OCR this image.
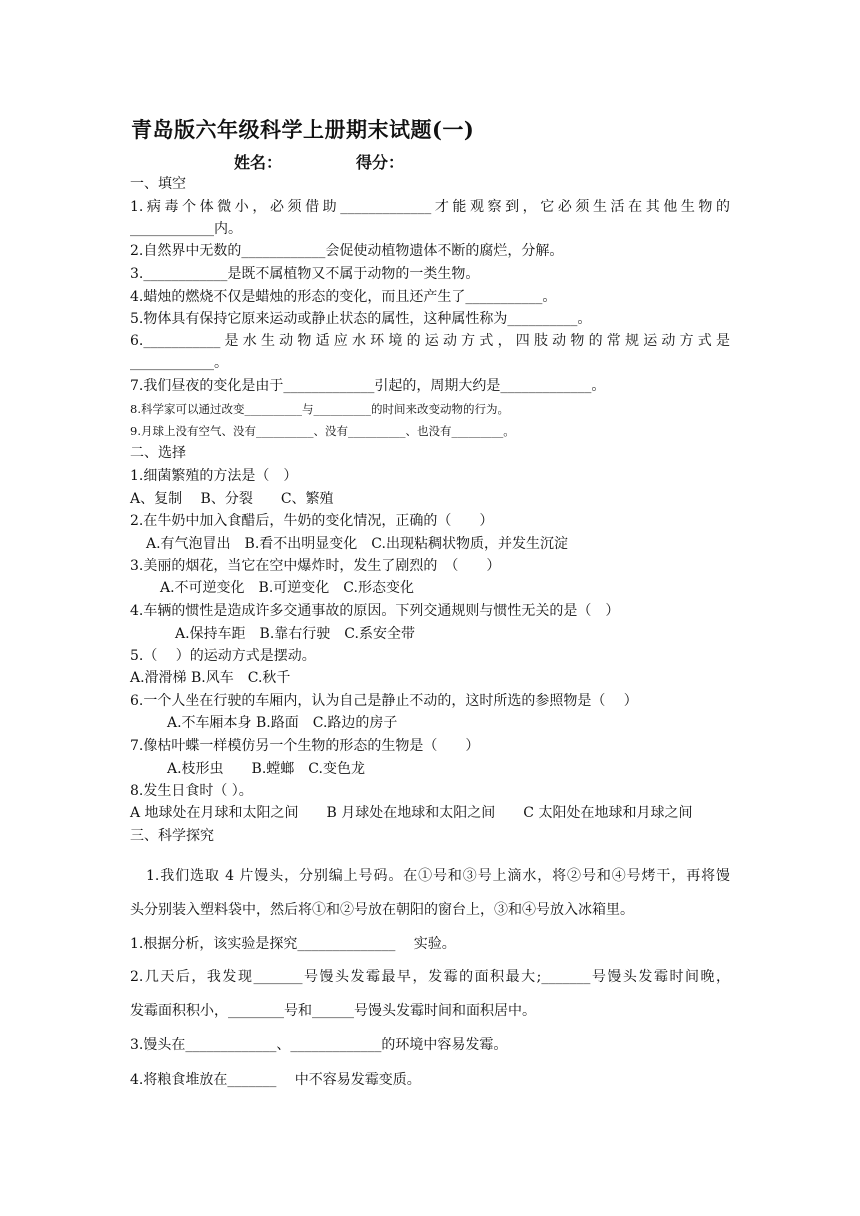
青岛版六年级科学上册期末试题(一)
姓名：	得分：
一、填空
1.病毒个体微小，必须借助_____________才能观察到，它必须生活在其他生物的
____________内。
2.自然界中无数的____________会促使动植物遗体不断的腐烂，分解。
3.____________是既不属植物又不属于动物的一类生物。
4.蜡烛的燃烧不仅是蜡烛的形态的变化，而且还产生了___________。
5.物体具有保持它原来运动或静止状态的属性，这种属性称为__________。
6.___________是水生动物适应水环境的运动方式，四肢动物的常规运动方式是
____________。
7.我们昼夜的变化是由于_____________引起的，周期大约是_____________。
8.科学家可以通过改变__________与__________的时间来改变动物的行为。
9.月球上没有空气、没有__________、没有__________、也没有_________。
二、选择
1.细菌繁殖的方法是（　）
A、复制　 B、分裂　　C、繁殖
2.在牛奶中加入食醋后，牛奶的变化情况，正确的（　　）
A.有气泡冒出　B.看不出明显变化　C.出现粘稠状物质，并发生沉淀
3.美丽的烟花，当它在空中爆炸时，发生了剧烈的　（　　）
A.不可逆变化　B.可逆变化　C.形态变化
4.车辆的惯性是造成许多交通事故的原因。下列交通规则与惯性无关的是（　）
A.保持车距　B.靠右行驶　C.系安全带
5.（　 ）的运动方式是摆动。
A.滑滑梯 B.风车　C.秋千
6.一个人坐在行驶的车厢内，认为自己是静止不动的，这时所选的参照物是（　 ）
A.不车厢本身 B.路面　C.路边的房子
7.像枯叶蝶一样模仿另一个生物的形态的生物是（　　）
A.枝形虫　　B.螳螂　C.变色龙
8.发生日食时（ ）。
A 地球处在月球和太阳之间　　B 月球处在地球和太阳之间　　C 太阳处在地球和月球之间
三、科学探究
1.我们选取 4 片馒头，分别编上号码。在①号和③号上滴水，将②号和④号烤干，再将馒
头分别装入塑料袋中，然后将①和②号放在朝阳的窗台上，③和④号放入冰箱里。
1.根据分析，该实验是探究______________　 实验。
2.几天后，我发现_______号馒头发霉最早，发霉的面积最大;_______号馒头发霉时间晚，
发霉面积积小，________号和______号馒头发霉时间和面积居中。
3.馒头在_____________、_____________的环境中容易发霉。
4.将粮食堆放在_______　 中不容易发霉变质。
